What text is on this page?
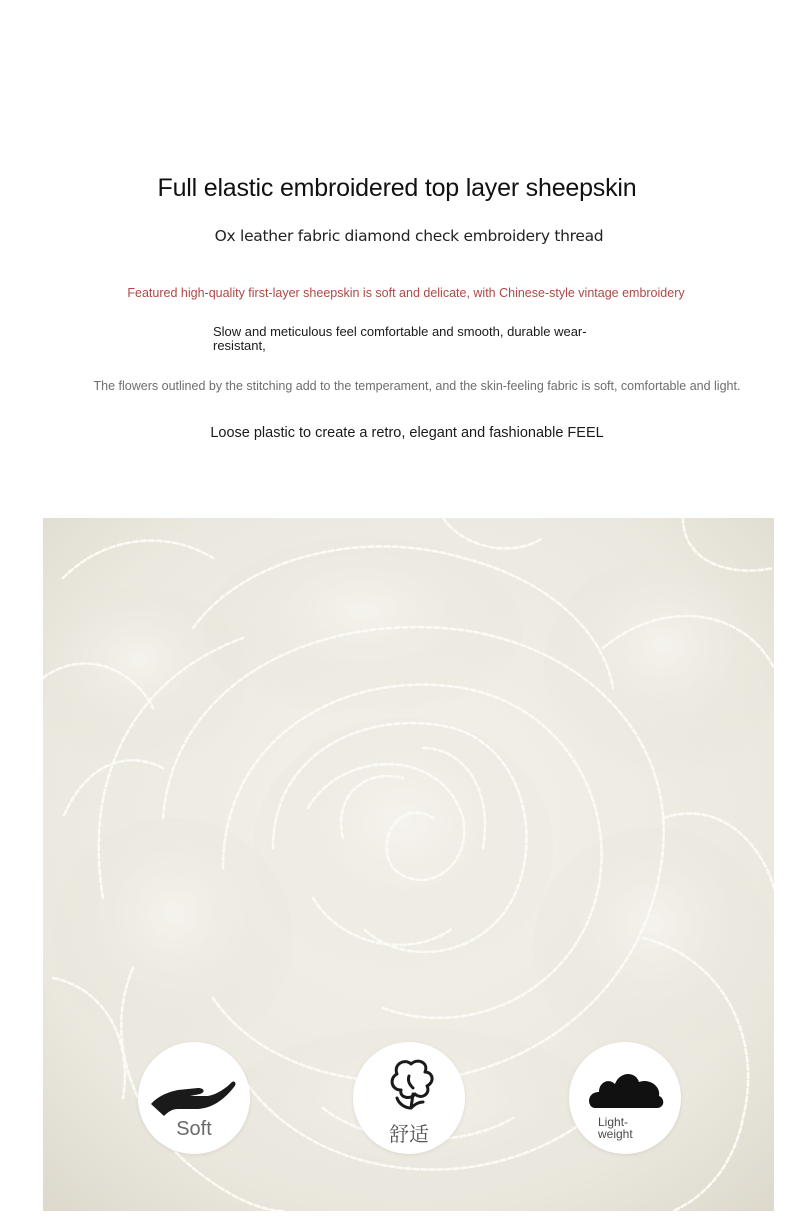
Full elastic embroidered top layer sheepskin
Ox leather fabric diamond check embroidery thread
Featured high-quality first-layer sheepskin is soft and delicate, with Chinese-style vintage embroidery
Slow and meticulous feel comfortable and smooth, durable wear-resistant,
The flowers outlined by the stitching add to the temperament, and the skin-feeling fabric is soft, comfortable and light.
Loose plastic to create a retro, elegant and fashionable FEEL
Soft	舒适	Light-weight
